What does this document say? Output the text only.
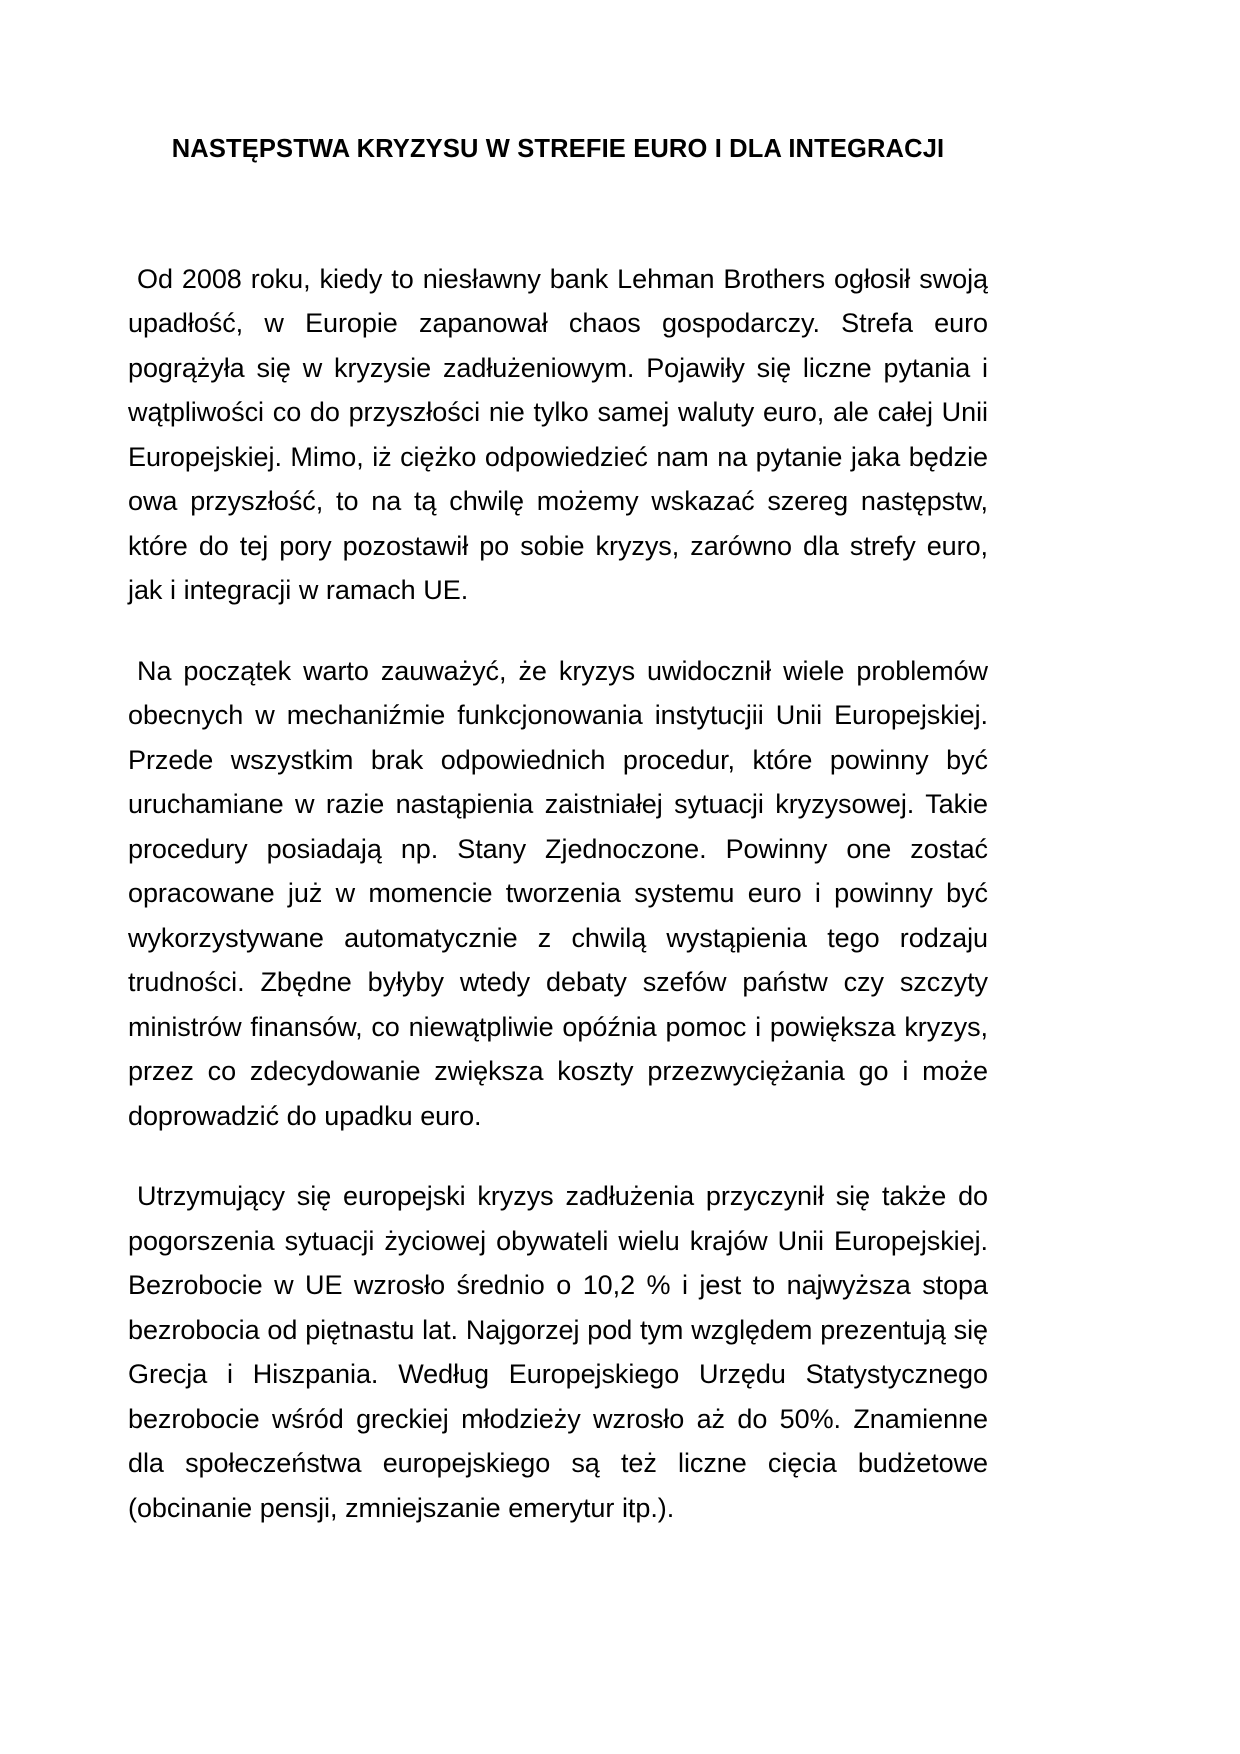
NASTĘPSTWA KRYZYSU W STREFIE EURO I DLA INTEGRACJI

Od 2008 roku, kiedy to niesławny bank Lehman Brothers ogłosił swoją upadłość, w Europie zapanował chaos gospodarczy. Strefa euro pogrążyła się w kryzysie zadłużeniowym. Pojawiły się liczne pytania i wątpliwości co do przyszłości nie tylko samej waluty euro, ale całej Unii Europejskiej. Mimo, iż ciężko odpowiedzieć nam na pytanie jaka będzie owa przyszłość, to na tą chwilę możemy wskazać szereg następstw, które do tej pory pozostawił po sobie kryzys, zarówno dla strefy euro, jak i integracji w ramach UE.

Na początek warto zauważyć, że kryzys uwidocznił wiele problemów obecnych w mechaniźmie funkcjonowania instytucjii Unii Europejskiej. Przede wszystkim brak odpowiednich procedur, które powinny być uruchamiane w razie nastąpienia zaistniałej sytuacji kryzysowej. Takie procedury posiadają np. Stany Zjednoczone. Powinny one zostać opracowane już w momencie tworzenia systemu euro i powinny być wykorzystywane automatycznie z chwilą wystąpienia tego rodzaju trudności. Zbędne byłyby wtedy debaty szefów państw czy szczyty ministrów finansów, co niewątpliwie opóźnia pomoc i powiększa kryzys, przez co zdecydowanie zwiększa koszty przezwyciężania go i może doprowadzić do upadku euro.

Utrzymujący się europejski kryzys zadłużenia przyczynił się także do pogorszenia sytuacji życiowej obywateli wielu krajów Unii Europejskiej. Bezrobocie w UE wzrosło średnio o 10,2 % i jest to najwyższa stopa bezrobocia od piętnastu lat. Najgorzej pod tym względem prezentują się Grecja i Hiszpania. Według Europejskiego Urzędu Statystycznego bezrobocie wśród greckiej młodzieży wzrosło aż do 50%. Znamienne dla społeczeństwa europejskiego są też liczne cięcia budżetowe (obcinanie pensji, zmniejszanie emerytur itp.).
